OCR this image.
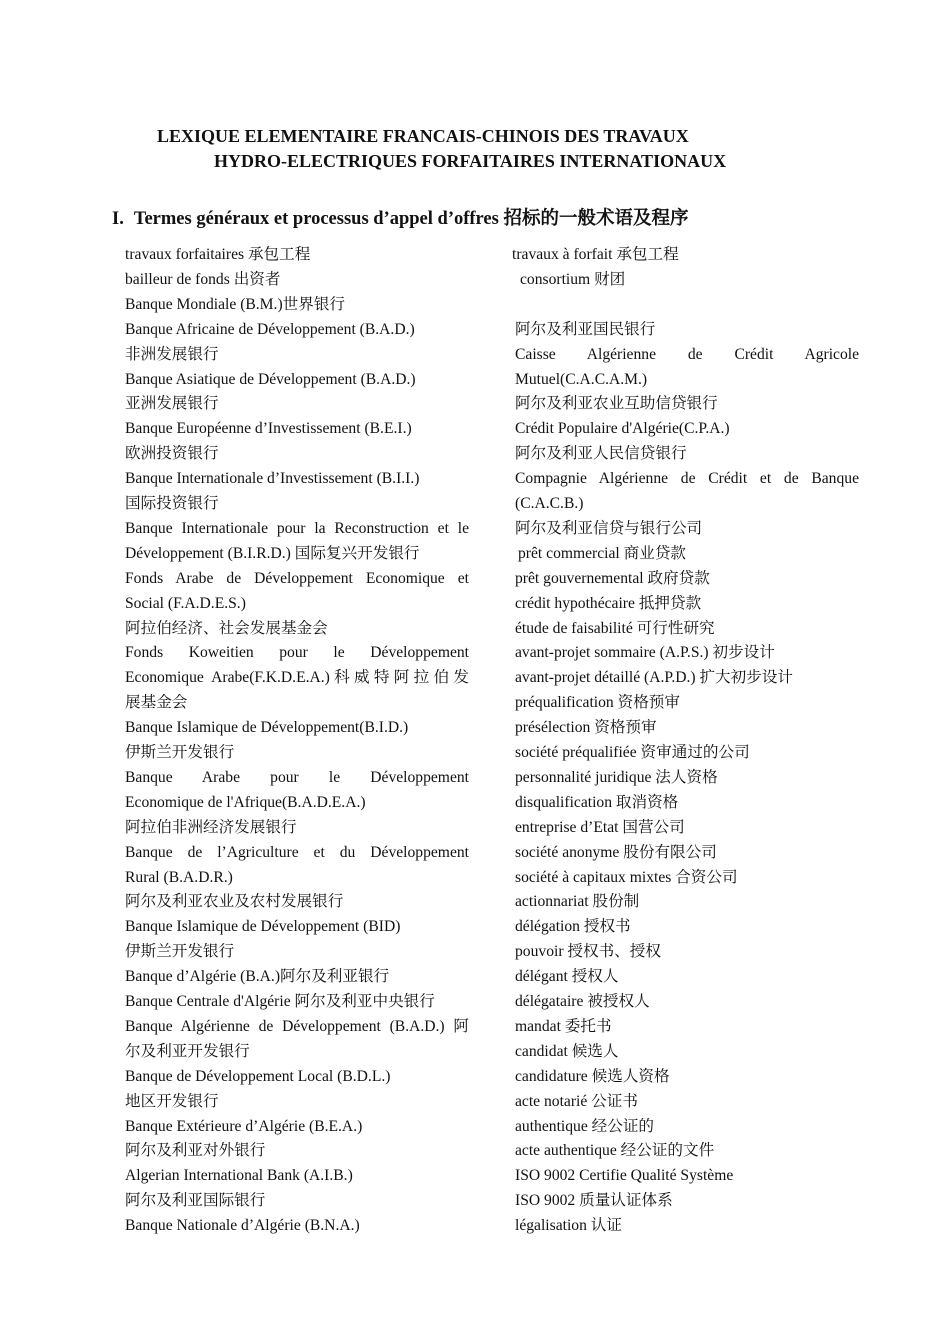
LEXIQUE ELEMENTAIRE FRANCAIS-CHINOIS DES TRAVAUX
HYDRO-ELECTRIQUES FORFAITAIRES INTERNATIONAUX
I. Termes généraux et processus d’appel d’offres 招标的一般术语及程序
travaux forfaitaires 承包工程
bailleur de fonds 出资者
Banque Mondiale (B.M.)世界银行
Banque Africaine de Développement (B.A.D.)
非洲发展银行
Banque Asiatique de Développement (B.A.D.)
亚洲发展银行
Banque Européenne d’Investissement (B.E.I.)
欧洲投资银行
Banque Internationale d’Investissement (B.I.I.)
国际投资银行
Banque Internationale pour la Reconstruction et le
Développement (B.I.R.D.) 国际复兴开发银行
Fonds Arabe de Développement Economique et
Social (F.A.D.E.S.)
阿拉伯经济、社会发展基金会
Fonds Koweitien pour le Développement
Economique Arabe(F.K.D.E.A.)科威特阿拉伯发
展基金会
Banque Islamique de Développement(B.I.D.)
伊斯兰开发银行
Banque Arabe pour le Développement
Economique de l'Afrique(B.A.D.E.A.)
阿拉伯非洲经济发展银行
Banque de l’Agriculture et du Développement
Rural (B.A.D.R.)
阿尔及利亚农业及农村发展银行
Banque Islamique de Développement (BID)
伊斯兰开发银行
Banque d’Algérie (B.A.)阿尔及利亚银行
Banque Centrale d'Algérie 阿尔及利亚中央银行
Banque Algérienne de Développement (B.A.D.) 阿
尔及利亚开发银行
Banque de Développement Local (B.D.L.)
地区开发银行
Banque Extérieure d’Algérie (B.E.A.)
阿尔及利亚对外银行
Algerian International Bank (A.I.B.)
阿尔及利亚国际银行
Banque Nationale d’Algérie (B.N.A.)
travaux à forfait 承包工程
consortium 财团
阿尔及利亚国民银行
Caisse Algérienne de Crédit Agricole
Mutuel(C.A.C.A.M.)
阿尔及利亚农业互助信贷银行
Crédit Populaire d'Algérie(C.P.A.)
阿尔及利亚人民信贷银行
Compagnie Algérienne de Crédit et de Banque
(C.A.C.B.)
阿尔及利亚信贷与银行公司
prêt commercial 商业贷款
prêt gouvernemental 政府贷款
crédit hypothécaire 抵押贷款
étude de faisabilité 可行性研究
avant-projet sommaire (A.P.S.) 初步设计
avant-projet détaillé (A.P.D.) 扩大初步设计
préqualification 资格预审
présélection 资格预审
société préqualifiée 资审通过的公司
personnalité juridique 法人资格
disqualification 取消资格
entreprise d’Etat 国营公司
société anonyme 股份有限公司
société à capitaux mixtes 合资公司
actionnariat 股份制
délégation 授权书
pouvoir 授权书、授权
délégant 授权人
délégataire 被授权人
mandat 委托书
candidat 候选人
candidature 候选人资格
acte notarié 公证书
authentique 经公证的
acte authentique 经公证的文件
ISO 9002 Certifie Qualité Système
ISO 9002 质量认证体系
légalisation 认证
